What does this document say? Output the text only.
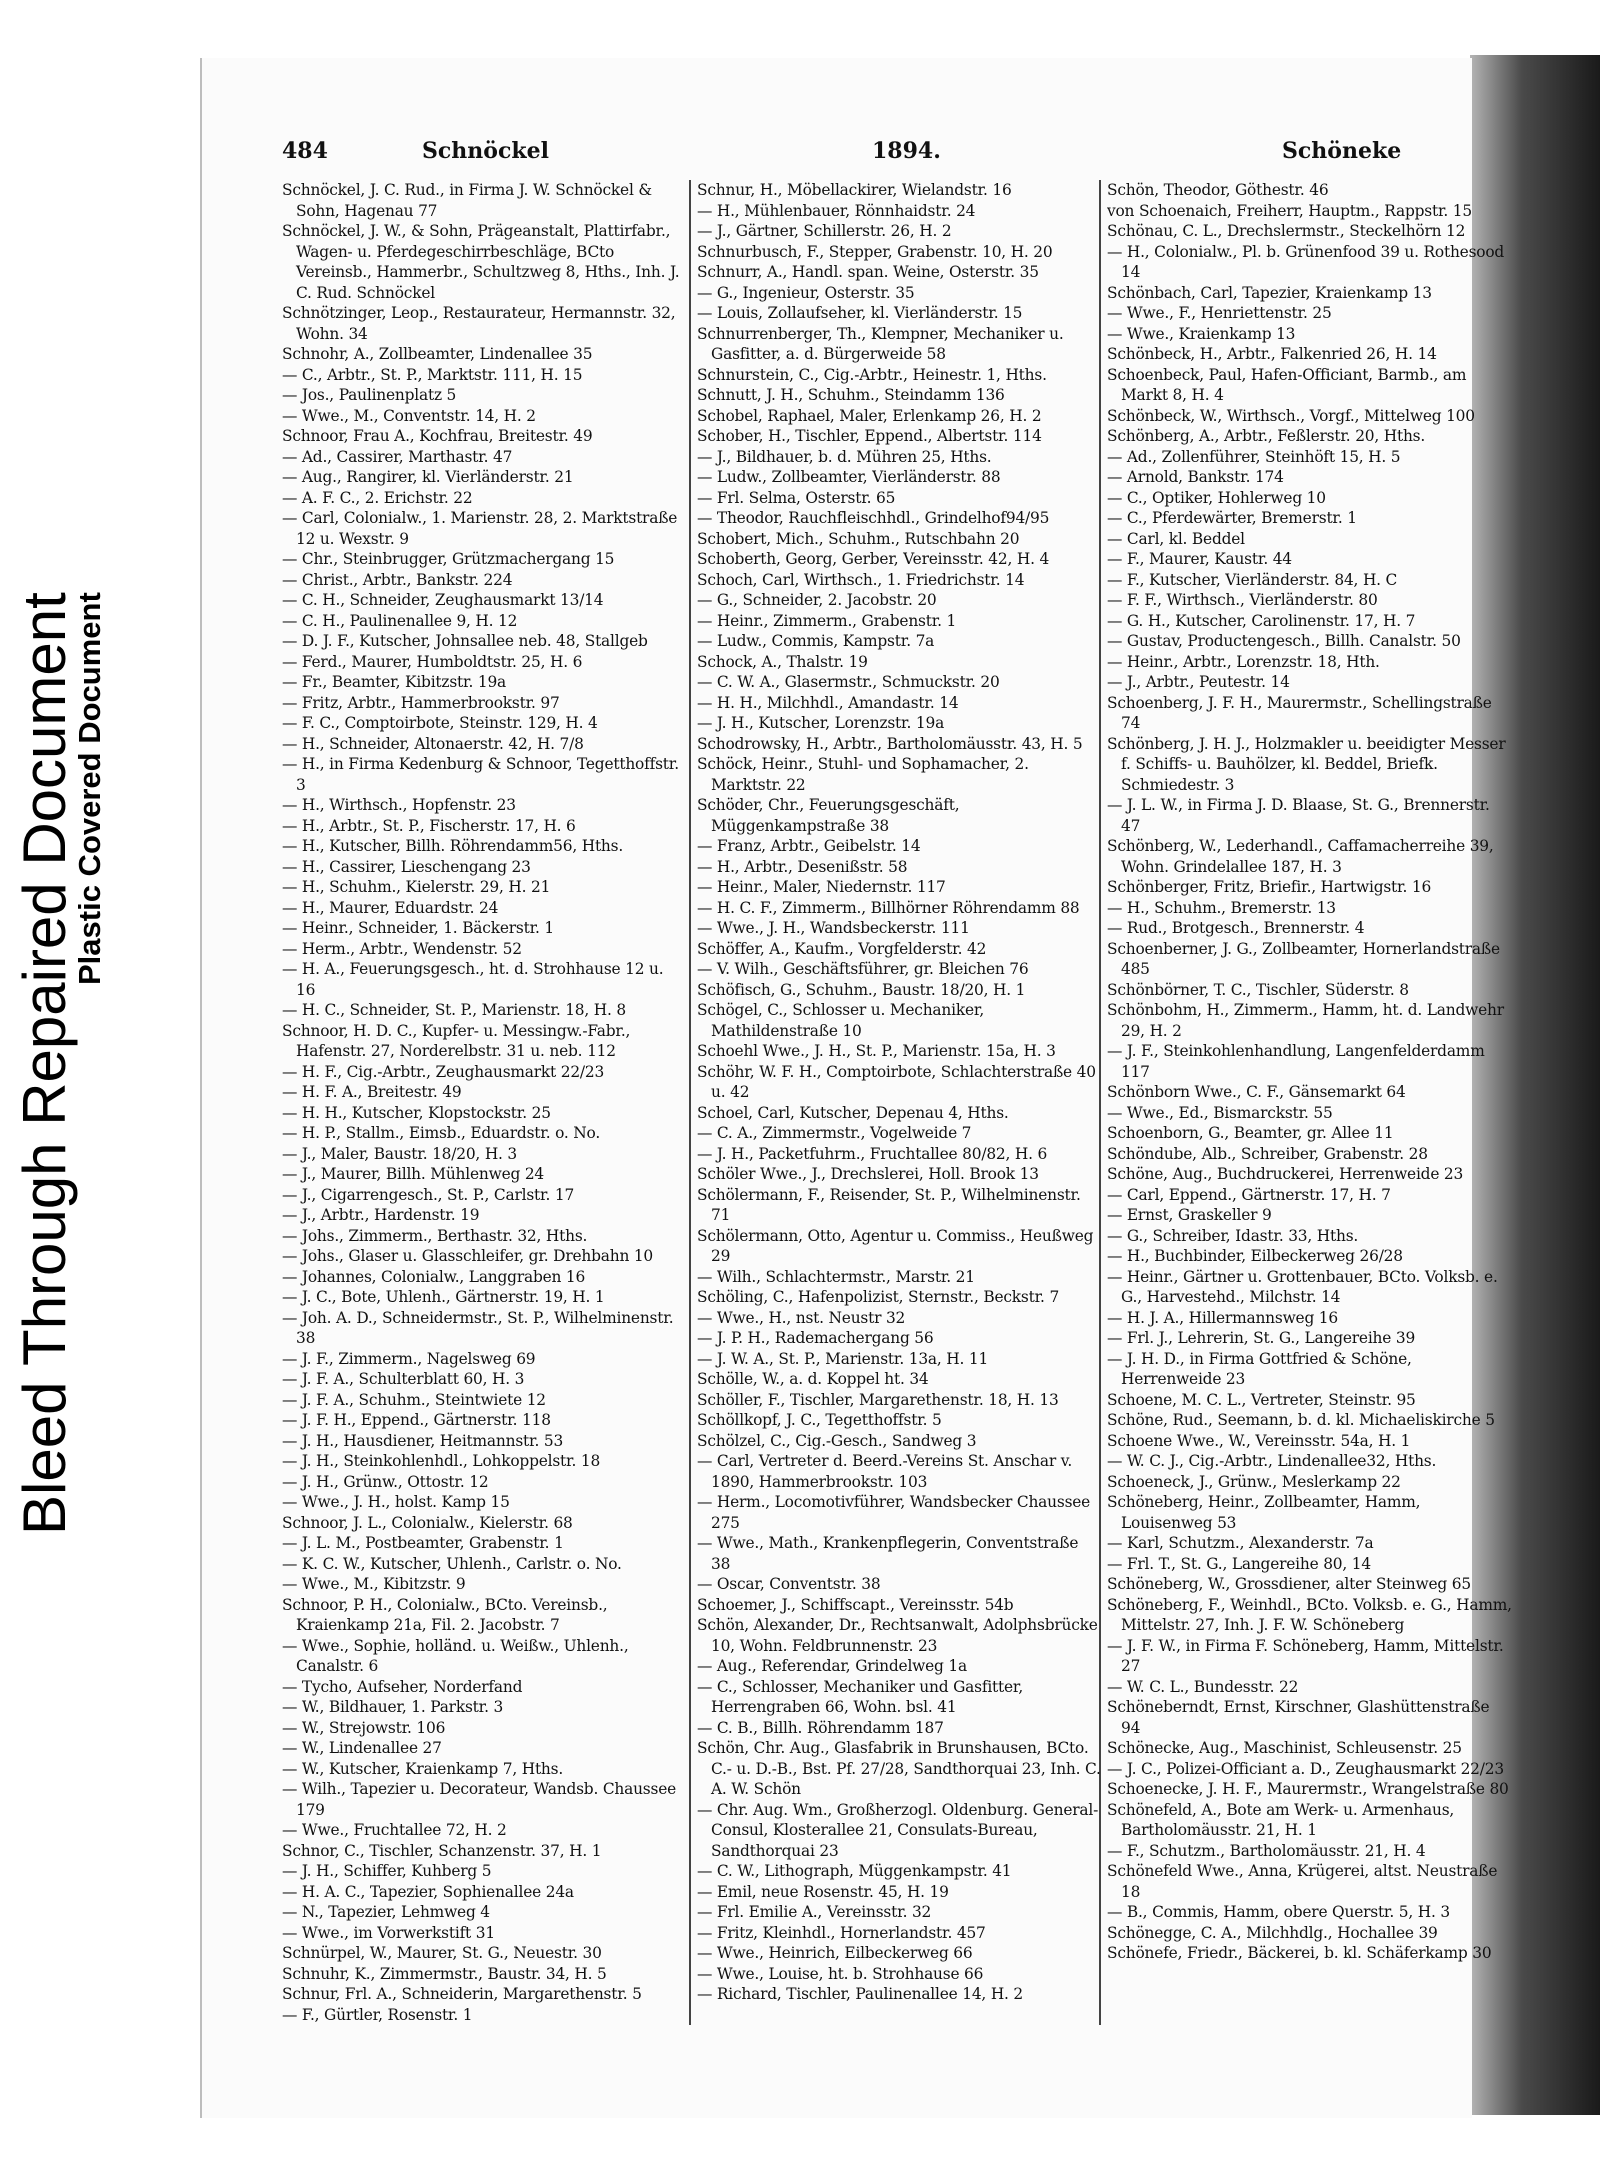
Bleed Through Repaired Document
Plastic Covered Document
484	Schnöckel	1894.	Schöneke

Schnöckel, J. C. Rud., in Firma J. W. Schnöckel & Sohn, Hagenau 77

Schnöckel, J. W., & Sohn, Prägeanstalt, Plattirfabr., Wagen- u. Pferdegeschirrbeschläge, BCto Vereinsb., Hammerbr., Schultzweg 8, Hths., Inh. J. C. Rud. Schnöckel

Schnötzinger, Leop., Restaurateur, Hermannstr. 32, Wohn. 34

Schnohr, A., Zollbeamter, Lindenallee 35

— C., Arbtr., St. P., Marktstr. 111, H. 15

— Jos., Paulinenplatz 5

— Wwe., M., Conventstr. 14, H. 2

Schnoor, Frau A., Kochfrau, Breitestr. 49

— Ad., Cassirer, Marthastr. 47

— Aug., Rangirer, kl. Vierländerstr. 21

— A. F. C., 2. Erichstr. 22

— Carl, Colonialw., 1. Marienstr. 28, 2. Marktstraße 12 u. Wexstr. 9

— Chr., Steinbrugger, Grützmachergang 15

— Christ., Arbtr., Bankstr. 224

— C. H., Schneider, Zeughausmarkt 13/14

— C. H., Paulinenallee 9, H. 12

— D. J. F., Kutscher, Johnsallee neb. 48, Stallgeb

— Ferd., Maurer, Humboldtstr. 25, H. 6

— Fr., Beamter, Kibitzstr. 19a

— Fritz, Arbtr., Hammerbrookstr. 97

— F. C., Comptoirbote, Steinstr. 129, H. 4

— H., Schneider, Altonaerstr. 42, H. 7/8

— H., in Firma Kedenburg & Schnoor, Tegetthoffstr. 3

— H., Wirthsch., Hopfenstr. 23

— H., Arbtr., St. P., Fischerstr. 17, H. 6

— H., Kutscher, Billh. Röhrendamm56, Hths.

— H., Cassirer, Lieschengang 23

— H., Schuhm., Kielerstr. 29, H. 21

— H., Maurer, Eduardstr. 24

— Heinr., Schneider, 1. Bäckerstr. 1

— Herm., Arbtr., Wendenstr. 52

— H. A., Feuerungsgesch., ht. d. Strohhause 12 u. 16

— H. C., Schneider, St. P., Marienstr. 18, H. 8

Schnoor, H. D. C., Kupfer- u. Messingw.-Fabr., Hafenstr. 27, Norderelbstr. 31 u. neb. 112

— H. F., Cig.-Arbtr., Zeughausmarkt 22/23

— H. F. A., Breitestr. 49

— H. H., Kutscher, Klopstockstr. 25

— H. P., Stallm., Eimsb., Eduardstr. o. No.

— J., Maler, Baustr. 18/20, H. 3

— J., Maurer, Billh. Mühlenweg 24

— J., Cigarrengesch., St. P., Carlstr. 17

— J., Arbtr., Hardenstr. 19

— Johs., Zimmerm., Berthastr. 32, Hths.

— Johs., Glaser u. Glasschleifer, gr. Drehbahn 10

— Johannes, Colonialw., Langgraben 16

— J. C., Bote, Uhlenh., Gärtnerstr. 19, H. 1

— Joh. A. D., Schneidermstr., St. P., Wilhelminenstr. 38

— J. F., Zimmerm., Nagelsweg 69

— J. F. A., Schulterblatt 60, H. 3

— J. F. A., Schuhm., Steintwiete 12

— J. F. H., Eppend., Gärtnerstr. 118

— J. H., Hausdiener, Heitmannstr. 53

— J. H., Steinkohlenhdl., Lohkoppelstr. 18

— J. H., Grünw., Ottostr. 12

— Wwe., J. H., holst. Kamp 15

Schnoor, J. L., Colonialw., Kielerstr. 68

— J. L. M., Postbeamter, Grabenstr. 1

— K. C. W., Kutscher, Uhlenh., Carlstr. o. No.

— Wwe., M., Kibitzstr. 9

Schnoor, P. H., Colonialw., BCto. Vereinsb., Kraienkamp 21a, Fil. 2. Jacobstr. 7

— Wwe., Sophie, holländ. u. Weißw., Uhlenh., Canalstr. 6

— Tycho, Aufseher, Norderfand

— W., Bildhauer, 1. Parkstr. 3

— W., Strejowstr. 106

— W., Lindenallee 27

— W., Kutscher, Kraienkamp 7, Hths.

— Wilh., Tapezier u. Decorateur, Wandsb. Chaussee 179

— Wwe., Fruchtallee 72, H. 2

Schnor, C., Tischler, Schanzenstr. 37, H. 1

— J. H., Schiffer, Kuhberg 5

— H. A. C., Tapezier, Sophienallee 24a

— N., Tapezier, Lehmweg 4

— Wwe., im Vorwerkstift 31

Schnürpel, W., Maurer, St. G., Neuestr. 30

Schnuhr, K., Zimmermstr., Baustr. 34, H. 5

Schnur, Frl. A., Schneiderin, Margarethenstr. 5

— F., Gürtler, Rosenstr. 1

Schnur, H., Möbellackirer, Wielandstr. 16

— H., Mühlenbauer, Rönnhaidstr. 24

— J., Gärtner, Schillerstr. 26, H. 2

Schnurbusch, F., Stepper, Grabenstr. 10, H. 20

Schnurr, A., Handl. span. Weine, Osterstr. 35

— G., Ingenieur, Osterstr. 35

— Louis, Zollaufseher, kl. Vierländerstr. 15

Schnurrenberger, Th., Klempner, Mechaniker u. Gasfitter, a. d. Bürgerweide 58

Schnurstein, C., Cig.-Arbtr., Heinestr. 1, Hths.

Schnutt, J. H., Schuhm., Steindamm 136

Schobel, Raphael, Maler, Erlenkamp 26, H. 2

Schober, H., Tischler, Eppend., Albertstr. 114

— J., Bildhauer, b. d. Mühren 25, Hths.

— Ludw., Zollbeamter, Vierländerstr. 88

— Frl. Selma, Osterstr. 65

— Theodor, Rauchfleischhdl., Grindelhof94/95

Schobert, Mich., Schuhm., Rutschbahn 20

Schoberth, Georg, Gerber, Vereinsstr. 42, H. 4

Schoch, Carl, Wirthsch., 1. Friedrichstr. 14

— G., Schneider, 2. Jacobstr. 20

— Heinr., Zimmerm., Grabenstr. 1

— Ludw., Commis, Kampstr. 7a

Schock, A., Thalstr. 19

— C. W. A., Glasermstr., Schmuckstr. 20

— H. H., Milchhdl., Amandastr. 14

— J. H., Kutscher, Lorenzstr. 19a

Schodrowsky, H., Arbtr., Bartholomäusstr. 43, H. 5

Schöck, Heinr., Stuhl- und Sophamacher, 2. Marktstr. 22

Schöder, Chr., Feuerungsgeschäft, Müggenkampstraße 38

— Franz, Arbtr., Geibelstr. 14

— H., Arbtr., Desenißstr. 58

— Heinr., Maler, Niedernstr. 117

— H. C. F., Zimmerm., Billhörner Röhrendamm 88

— Wwe., J. H., Wandsbeckerstr. 111

Schöffer, A., Kaufm., Vorgfelderstr. 42

— V. Wilh., Geschäftsführer, gr. Bleichen 76

Schöfisch, G., Schuhm., Baustr. 18/20, H. 1

Schögel, C., Schlosser u. Mechaniker, Mathildenstraße 10

Schoehl Wwe., J. H., St. P., Marienstr. 15a, H. 3

Schöhr, W. F. H., Comptoirbote, Schlachterstraße 40 u. 42

Schoel, Carl, Kutscher, Depenau 4, Hths.

— C. A., Zimmermstr., Vogelweide 7

— J. H., Packetfuhrm., Fruchtallee 80/82, H. 6

Schöler Wwe., J., Drechslerei, Holl. Brook 13

Schölermann, F., Reisender, St. P., Wilhelminenstr. 71

Schölermann, Otto, Agentur u. Commiss., Heußweg 29

— Wilh., Schlachtermstr., Marstr. 21

Schöling, C., Hafenpolizist, Sternstr., Beckstr. 7

— Wwe., H., nst. Neustr 32

— J. P. H., Rademachergang 56

— J. W. A., St. P., Marienstr. 13a, H. 11

Schölle, W., a. d. Koppel ht. 34

Schöller, F., Tischler, Margarethenstr. 18, H. 13

Schöllkopf, J. C., Tegetthoffstr. 5

Schölzel, C., Cig.-Gesch., Sandweg 3

— Carl, Vertreter d. Beerd.-Vereins St. Anschar v. 1890, Hammerbrookstr. 103

— Herm., Locomotivführer, Wandsbecker Chaussee 275

— Wwe., Math., Krankenpflegerin, Conventstraße 38

— Oscar, Conventstr. 38

Schoemer, J., Schiffscapt., Vereinsstr. 54b

Schön, Alexander, Dr., Rechtsanwalt, Adolphsbrücke 10, Wohn. Feldbrunnenstr. 23

— Aug., Referendar, Grindelweg 1a

— C., Schlosser, Mechaniker und Gasfitter, Herrengraben 66, Wohn. bsl. 41

— C. B., Billh. Röhrendamm 187

Schön, Chr. Aug., Glasfabrik in Brunshausen, BCto. C.- u. D.-B., Bst. Pf. 27/28, Sandthorquai 23, Inh. C. A. W. Schön

— Chr. Aug. Wm., Großherzogl. Oldenburg. General-Consul, Klosterallee 21, Consulats-Bureau, Sandthorquai 23

— C. W., Lithograph, Müggenkampstr. 41

— Emil, neue Rosenstr. 45, H. 19

— Frl. Emilie A., Vereinsstr. 32

— Fritz, Kleinhdl., Hornerlandstr. 457

— Wwe., Heinrich, Eilbeckerweg 66

— Wwe., Louise, ht. b. Strohhause 66

— Richard, Tischler, Paulinenallee 14, H. 2

Schön, Theodor, Göthestr. 46

von Schoenaich, Freiherr, Hauptm., Rappstr. 15

Schönau, C. L., Drechslermstr., Steckelhörn 12

— H., Colonialw., Pl. b. Grünenfood 39 u. Rothesood 14

Schönbach, Carl, Tapezier, Kraienkamp 13

— Wwe., F., Henriettenstr. 25

— Wwe., Kraienkamp 13

Schönbeck, H., Arbtr., Falkenried 26, H. 14

Schoenbeck, Paul, Hafen-Officiant, Barmb., am Markt 8, H. 4

Schönbeck, W., Wirthsch., Vorgf., Mittelweg 100

Schönberg, A., Arbtr., Feßlerstr. 20, Hths.

— Ad., Zollenführer, Steinhöft 15, H. 5

— Arnold, Bankstr. 174

— C., Optiker, Hohlerweg 10

— C., Pferdewärter, Bremerstr. 1

— Carl, kl. Beddel

— F., Maurer, Kaustr. 44

— F., Kutscher, Vierländerstr. 84, H. C

— F. F., Wirthsch., Vierländerstr. 80

— G. H., Kutscher, Carolinenstr. 17, H. 7

— Gustav, Productengesch., Billh. Canalstr. 50

— Heinr., Arbtr., Lorenzstr. 18, Hth.

— J., Arbtr., Peutestr. 14

Schoenberg, J. F. H., Maurermstr., Schellingstraße 74

Schönberg, J. H. J., Holzmakler u. beeidigter Messer f. Schiffs- u. Bauhölzer, kl. Beddel, Briefk. Schmiedestr. 3

— J. L. W., in Firma J. D. Blaase, St. G., Brennerstr. 47

Schönberg, W., Lederhandl., Caffamacherreihe 39, Wohn. Grindelallee 187, H. 3

Schönberger, Fritz, Briefir., Hartwigstr. 16

— H., Schuhm., Bremerstr. 13

— Rud., Brotgesch., Brennerstr. 4

Schoenberner, J. G., Zollbeamter, Hornerlandstraße 485

Schönbörner, T. C., Tischler, Süderstr. 8

Schönbohm, H., Zimmerm., Hamm, ht. d. Landwehr 29, H. 2

— J. F., Steinkohlenhandlung, Langenfelderdamm 117

Schönborn Wwe., C. F., Gänsemarkt 64

— Wwe., Ed., Bismarckstr. 55

Schoenborn, G., Beamter, gr. Allee 11

Schöndube, Alb., Schreiber, Grabenstr. 28

Schöne, Aug., Buchdruckerei, Herrenweide 23

— Carl, Eppend., Gärtnerstr. 17, H. 7

— Ernst, Graskeller 9

— G., Schreiber, Idastr. 33, Hths.

— H., Buchbinder, Eilbeckerweg 26/28

— Heinr., Gärtner u. Grottenbauer, BCto. Volksb. e. G., Harvestehd., Milchstr. 14

— H. J. A., Hillermannsweg 16

— Frl. J., Lehrerin, St. G., Langereihe 39

— J. H. D., in Firma Gottfried & Schöne, Herrenweide 23

Schoene, M. C. L., Vertreter, Steinstr. 95

Schöne, Rud., Seemann, b. d. kl. Michaeliskirche 5

Schoene Wwe., W., Vereinsstr. 54a, H. 1

— W. C. J., Cig.-Arbtr., Lindenallee32, Hths.

Schoeneck, J., Grünw., Meslerkamp 22

Schöneberg, Heinr., Zollbeamter, Hamm, Louisenweg 53

— Karl, Schutzm., Alexanderstr. 7a

— Frl. T., St. G., Langereihe 80, 14

Schöneberg, W., Grossdiener, alter Steinweg 65

Schöneberg, F., Weinhdl., BCto. Volksb. e. G., Hamm, Mittelstr. 27, Inh. J. F. W. Schöneberg

— J. F. W., in Firma F. Schöneberg, Hamm, Mittelstr. 27

— W. C. L., Bundesstr. 22

Schöneberndt, Ernst, Kirschner, Glashüttenstraße 94

Schönecke, Aug., Maschinist, Schleusenstr. 25

— J. C., Polizei-Officiant a. D., Zeughausmarkt 22/23

Schoenecke, J. H. F., Maurermstr., Wrangelstraße 80

Schönefeld, A., Bote am Werk- u. Armenhaus, Bartholomäusstr. 21, H. 1

— F., Schutzm., Bartholomäusstr. 21, H. 4

Schönefeld Wwe., Anna, Krügerei, altst. Neustraße 18

— B., Commis, Hamm, obere Querstr. 5, H. 3

Schönegge, C. A., Milchhdlg., Hochallee 39

Schönefe, Friedr., Bäckerei, b. kl. Schäferkamp 30
